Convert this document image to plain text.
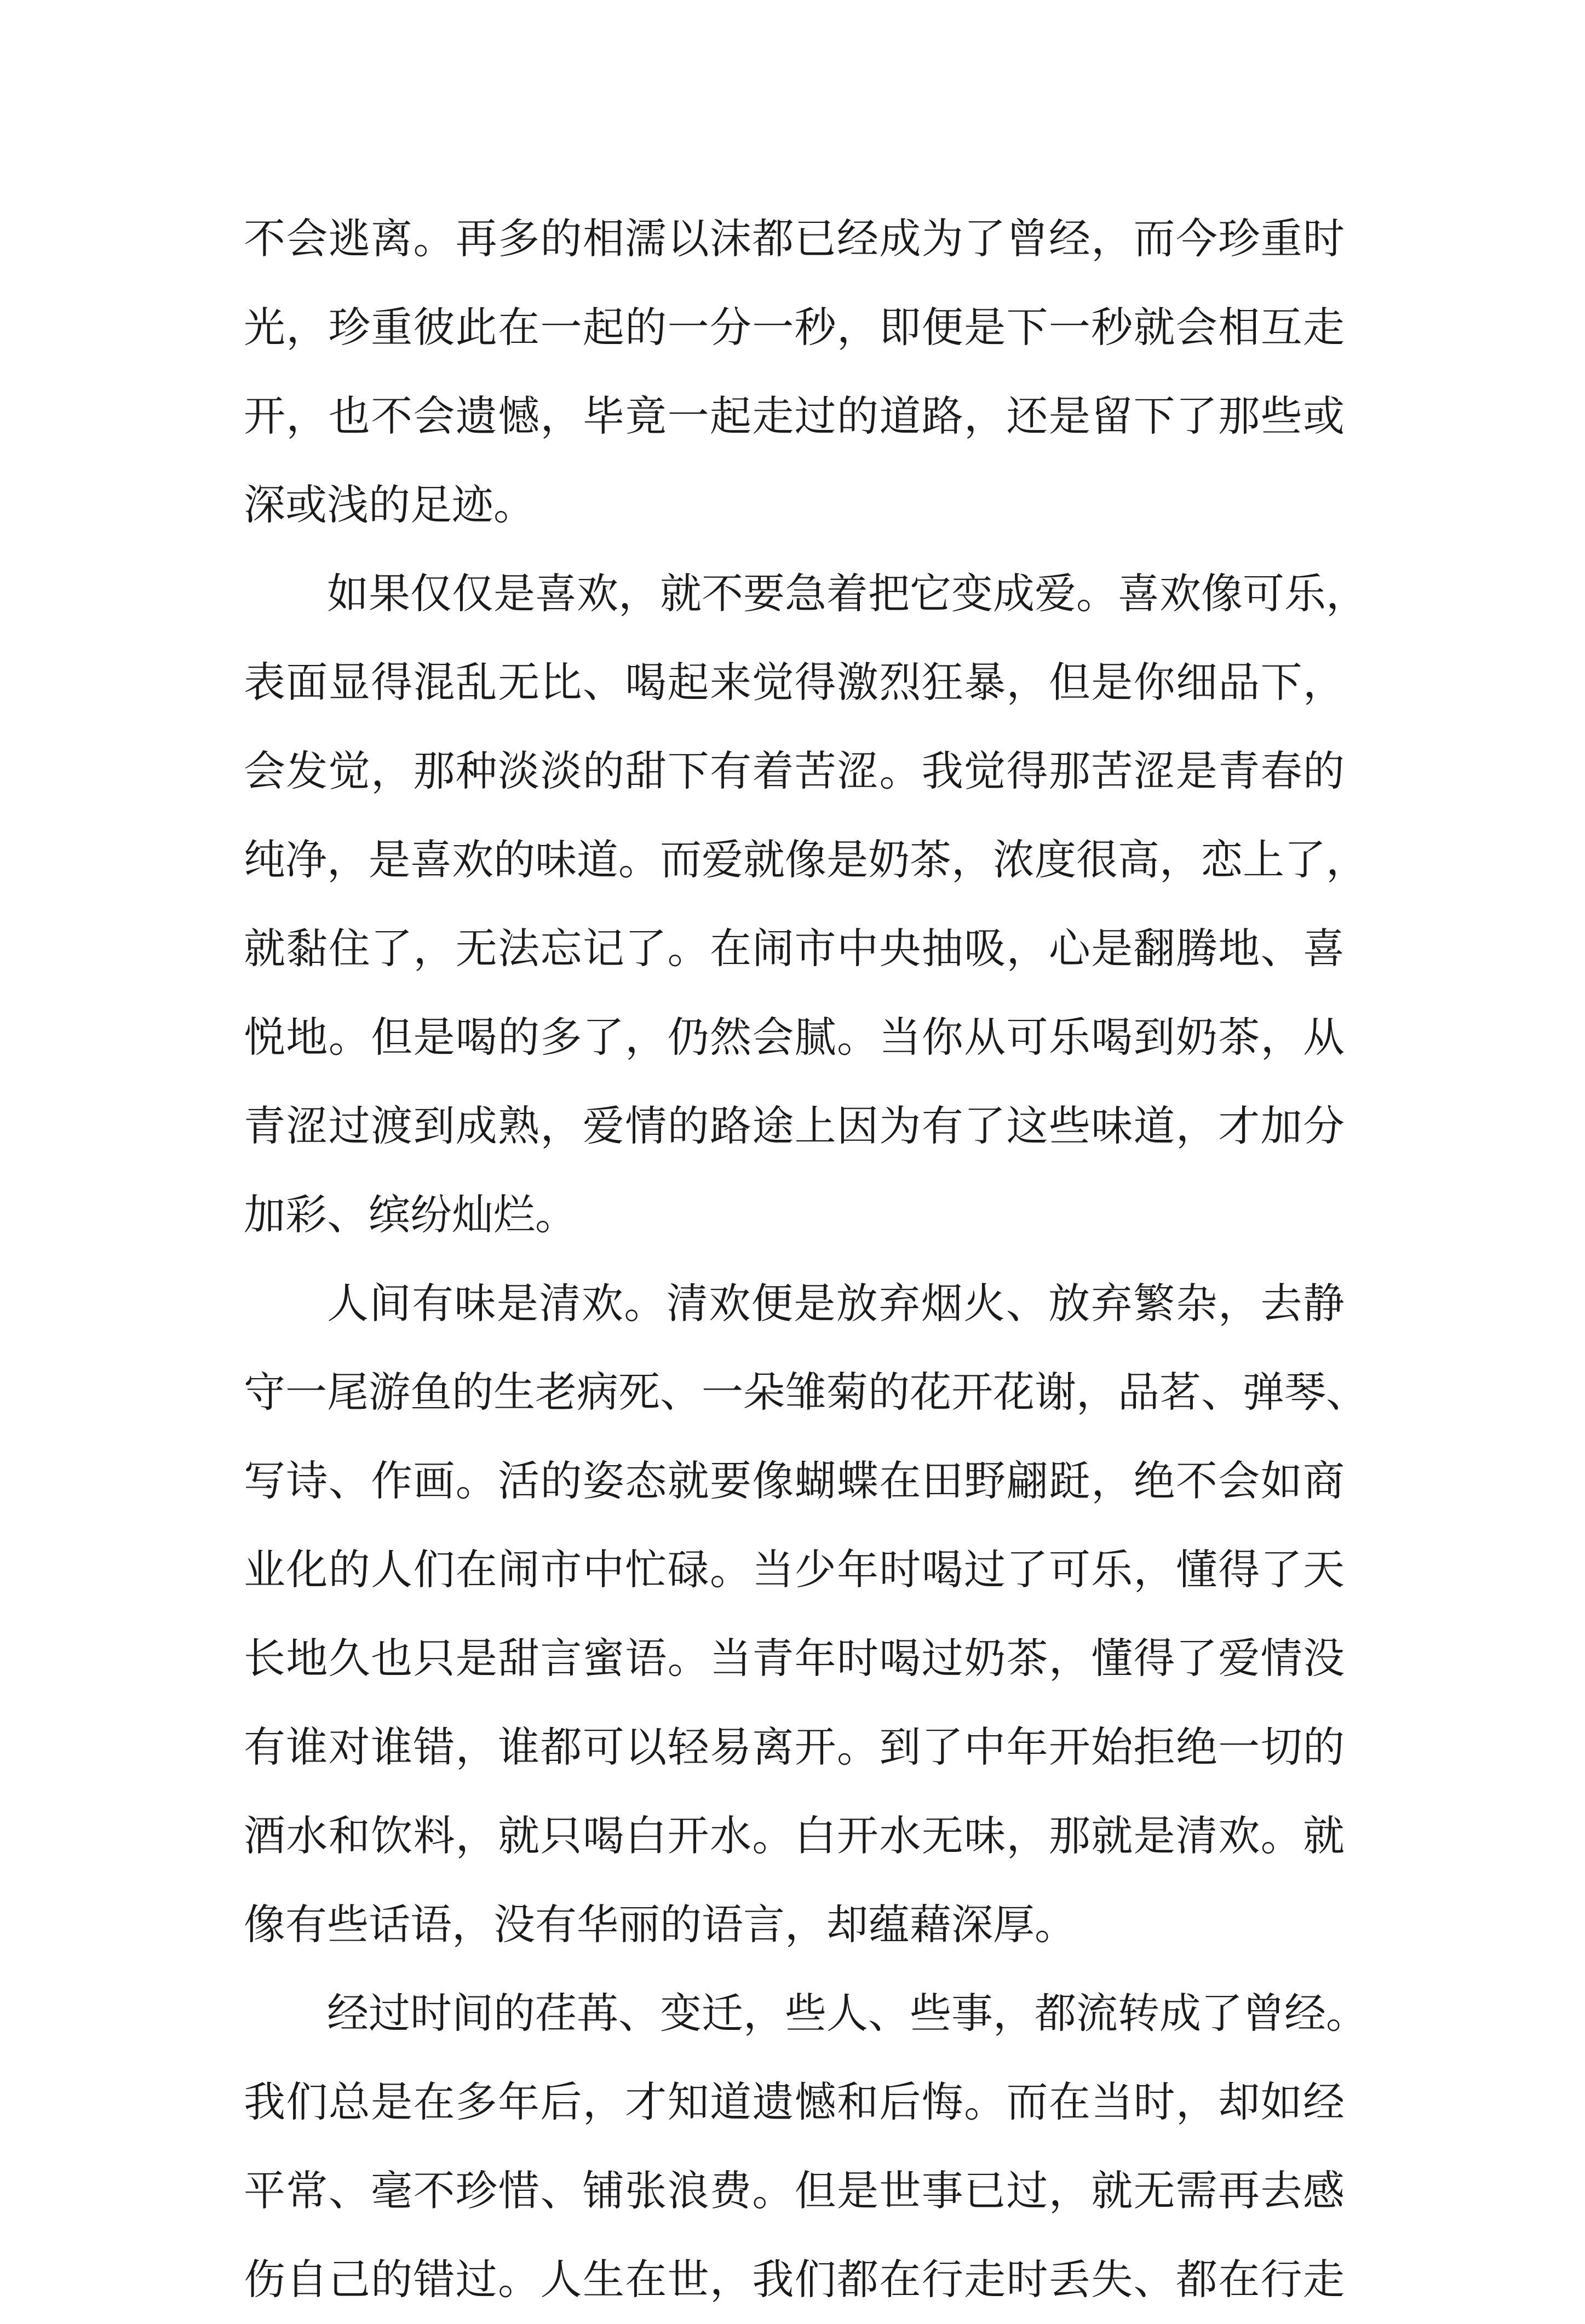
不会逃离。再多的相濡以沫都已经成为了曾经，而今珍重时
光，珍重彼此在一起的一分一秒，即便是下一秒就会相互走
开，也不会遗憾，毕竟一起走过的道路，还是留下了那些或
深或浅的足迹。
如果仅仅是喜欢，就不要急着把它变成爱。喜欢像可乐，
表面显得混乱无比、喝起来觉得激烈狂暴，但是你细品下，
会发觉，那种淡淡的甜下有着苦涩。我觉得那苦涩是青春的
纯净，是喜欢的味道。而爱就像是奶茶，浓度很高，恋上了，
就黏住了，无法忘记了。在闹市中央抽吸，心是翻腾地、喜
悦地。但是喝的多了，仍然会腻。当你从可乐喝到奶茶，从
青涩过渡到成熟，爱情的路途上因为有了这些味道，才加分
加彩、缤纷灿烂。
人间有味是清欢。清欢便是放弃烟火、放弃繁杂，去静
守一尾游鱼的生老病死、一朵雏菊的花开花谢，品茗、弹琴、
写诗、作画。活的姿态就要像蝴蝶在田野翩跹，绝不会如商
业化的人们在闹市中忙碌。当少年时喝过了可乐，懂得了天
长地久也只是甜言蜜语。当青年时喝过奶茶，懂得了爱情没
有谁对谁错，谁都可以轻易离开。到了中年开始拒绝一切的
酒水和饮料，就只喝白开水。白开水无味，那就是清欢。就
像有些话语，没有华丽的语言，却蕴藉深厚。
经过时间的荏苒、变迁，些人、些事，都流转成了曾经。
我们总是在多年后，才知道遗憾和后悔。而在当时，却如经
平常、毫不珍惜、铺张浪费。但是世事已过，就无需再去感
伤自己的错过。人生在世，我们都在行走时丢失、都在行走
